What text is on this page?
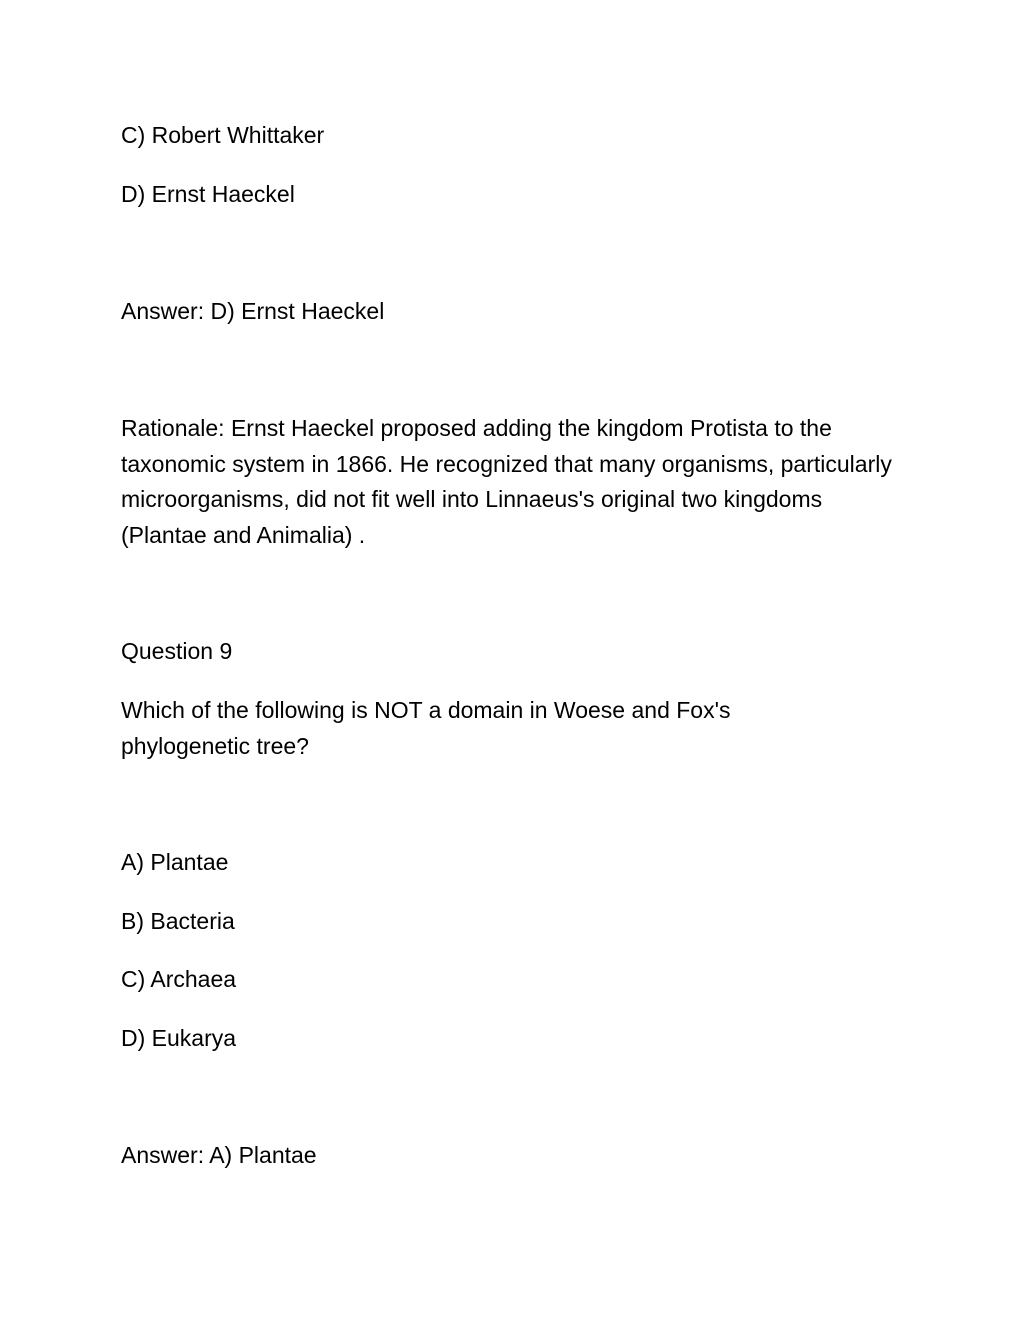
C) Robert Whittaker

D) Ernst Haeckel

Answer: D) Ernst Haeckel

Rationale: Ernst Haeckel proposed adding the kingdom Protista to the taxonomic system in 1866. He recognized that many organisms, particularly microorganisms, did not fit well into Linnaeus's original two kingdoms (Plantae and Animalia) .

Question 9

Which of the following is NOT a domain in Woese and Fox's phylogenetic tree?

A) Plantae

B) Bacteria

C) Archaea

D) Eukarya

Answer: A) Plantae
